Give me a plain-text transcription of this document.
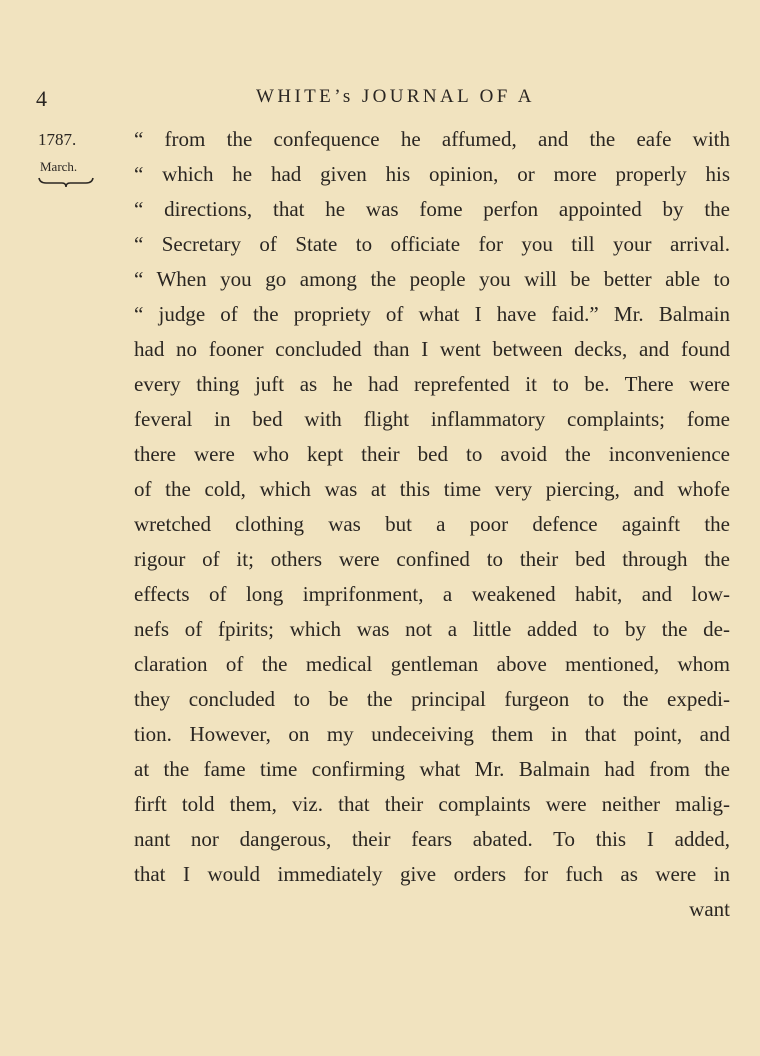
4	WHITE’s JOURNAL OF A
1787.
March.
“ from the confequence he affumed, and the eafe with
“ which he had given his opinion, or more properly his
“ directions, that he was fome perfon appointed by the
“ Secretary of State to officiate for you till your arrival.
“ When you go among the people you will be better able to
“ judge of the propriety of what I have faid.” Mr. Balmain
had no fooner concluded than I went between decks, and found
every thing juft as he had reprefented it to be. There were
feveral in bed with flight inflammatory complaints; fome
there were who kept their bed to avoid the inconvenience
of the cold, which was at this time very piercing, and whofe
wretched clothing was but a poor defence againft the
rigour of it; others were confined to their bed through the
effects of long imprifonment, a weakened habit, and low-
nefs of fpirits; which was not a little added to by the de-
claration of the medical gentleman above mentioned, whom
they concluded to be the principal furgeon to the expedi-
tion. However, on my undeceiving them in that point, and
at the fame time confirming what Mr. Balmain had from the
firft told them, viz. that their complaints were neither malig-
nant nor dangerous, their fears abated. To this I added,
that I would immediately give orders for fuch as were in
want
